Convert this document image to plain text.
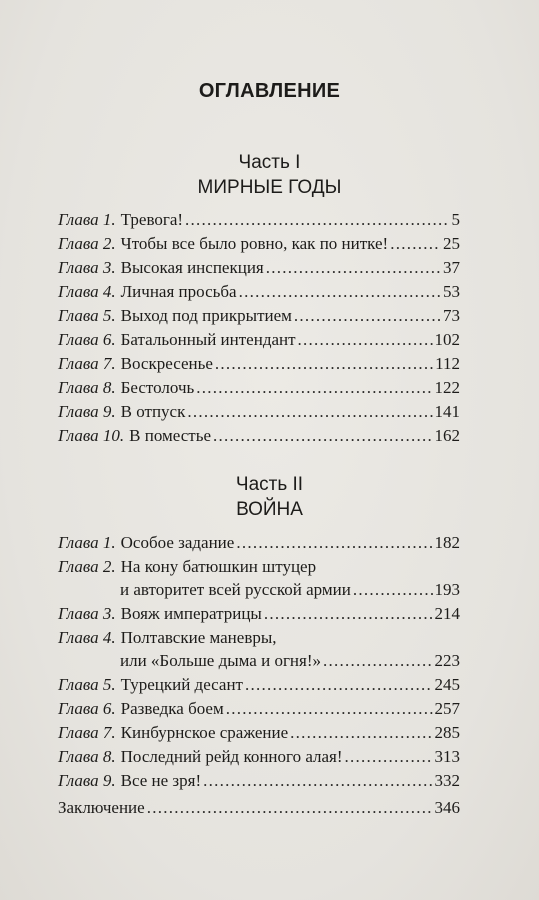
ОГЛАВЛЕНИЕ
Часть I
МИРНЫЕ ГОДЫ
Глава 1. Тревога! . . .	5
Глава 2. Чтобы все было ровно, как по нитке! . . .	25
Глава 3. Высокая инспекция . . .	37
Глава 4. Личная просьба . . .	53
Глава 5. Выход под прикрытием . . .	73
Глава 6. Батальонный интендант . . .	102
Глава 7. Воскресенье . . .	112
Глава 8. Бестолочь . . .	122
Глава 9. В отпуск . . .	141
Глава 10. В поместье . . .	162
Часть II
ВОЙНА
Глава 1. Особое задание . . .	182
Глава 2. На кону батюшкин штуцер
и авторитет всей русской армии . . .	193
Глава 3. Вояж императрицы . . .	214
Глава 4. Полтавские маневры,
или «Больше дыма и огня!» . . .	223
Глава 5. Турецкий десант . . .	245
Глава 6. Разведка боем . . .	257
Глава 7. Кинбурнское сражение . . .	285
Глава 8. Последний рейд конного алая! . . .	313
Глава 9. Все не зря! . . .	332
Заключение . . .	346
